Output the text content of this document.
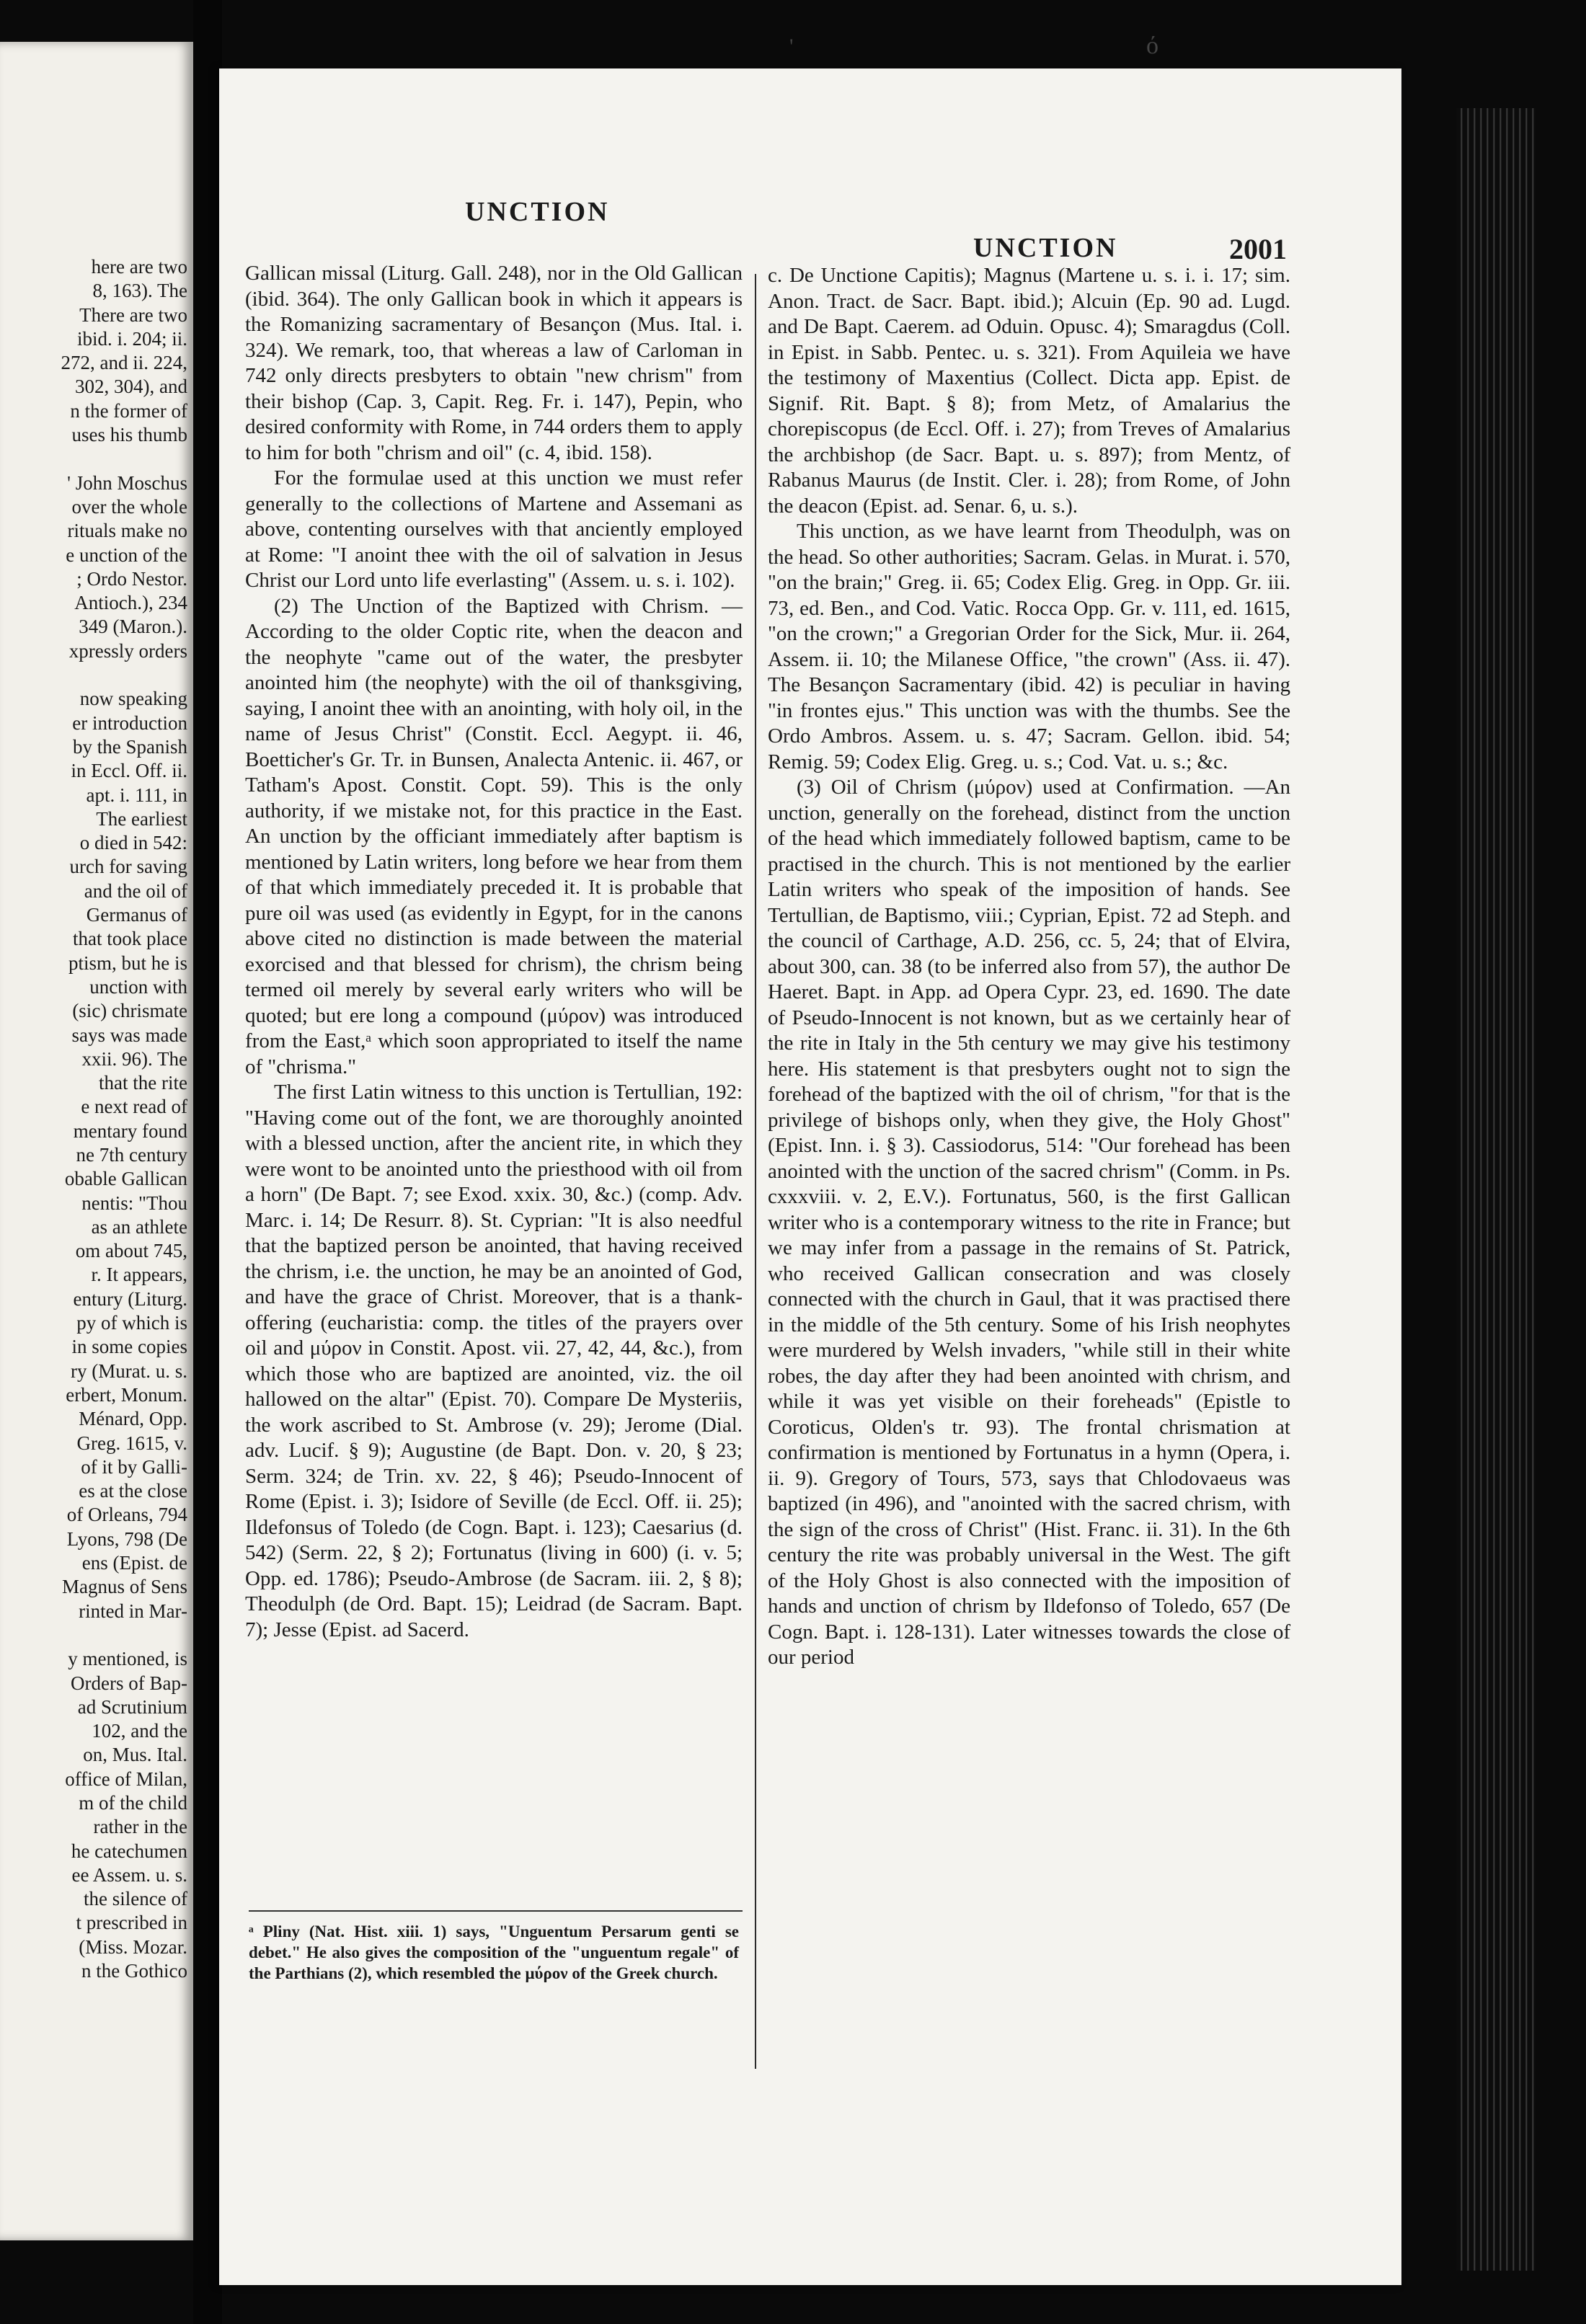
here are two
8, 163). The
There are two
ibid. i. 204; ii.
272, and ii. 224,
302, 304), and
n the former of
uses his thumb
' John Moschus
over the whole
rituals make no
e unction of the
; Ordo Nestor.
Antioch.), 234
349 (Maron.).
xpressly orders
now speaking
er introduction
by the Spanish
in Eccl. Off. ii.
apt. i. 111, in
The earliest
o died in 542:
urch for saving
and the oil of
Germanus of
that took place
ptism, but he is
unction with
(sic) chrismate
says was made
xxii. 96). The
that the rite
e next read of
mentary found
ne 7th century
obable Gallican
nentis: "Thou
as an athlete
om about 745,
r. It appears,
entury (Liturg.
py of which is
in some copies
ry (Murat. u. s.
erbert, Monum.
Ménard, Opp.
Greg. 1615, v.
of it by Galli-
es at the close
of Orleans, 794
Lyons, 798 (De
ens (Epist. de
Magnus of Sens
rinted in Mar-
y mentioned, is
Orders of Bap-
ad Scrutinium
102, and the
on, Mus. Ital.
office of Milan,
m of the child
rather in the
he catechumen
ee Assem. u. s.
the silence of
t prescribed in
(Miss. Mozar.
n the Gothico
'	ό
UNCTION
UNCTION	2001

Gallican missal (Liturg. Gall. 248), nor in the Old Gallican (ibid. 364). The only Gallican book in which it appears is the Romanizing sacramentary of Besançon (Mus. Ital. i. 324). We remark, too, that whereas a law of Carloman in 742 only directs presbyters to obtain "new chrism" from their bishop (Cap. 3, Capit. Reg. Fr. i. 147), Pepin, who desired conformity with Rome, in 744 orders them to apply to him for both "chrism and oil" (c. 4, ibid. 158).

For the formulae used at this unction we must refer generally to the collections of Martene and Assemani as above, contenting ourselves with that anciently employed at Rome: "I anoint thee with the oil of salvation in Jesus Christ our Lord unto life everlasting" (Assem. u. s. i. 102).

(2) The Unction of the Baptized with Chrism. —According to the older Coptic rite, when the deacon and the neophyte "came out of the water, the presbyter anointed him (the neophyte) with the oil of thanksgiving, saying, I anoint thee with an anointing, with holy oil, in the name of Jesus Christ" (Constit. Eccl. Aegypt. ii. 46, Boetticher's Gr. Tr. in Bunsen, Analecta Antenic. ii. 467, or Tatham's Apost. Constit. Copt. 59). This is the only authority, if we mistake not, for this practice in the East. An unction by the officiant immediately after baptism is mentioned by Latin writers, long before we hear from them of that which immediately preceded it. It is probable that pure oil was used (as evidently in Egypt, for in the canons above cited no distinction is made between the material exorcised and that blessed for chrism), the chrism being termed oil merely by several early writers who will be quoted; but ere long a compound (μύρον) was introduced from the East,ᵃ which soon appropriated to itself the name of "chrisma."

The first Latin witness to this unction is Tertullian, 192: "Having come out of the font, we are thoroughly anointed with a blessed unction, after the ancient rite, in which they were wont to be anointed unto the priesthood with oil from a horn" (De Bapt. 7; see Exod. xxix. 30, &c.) (comp. Adv. Marc. i. 14; De Resurr. 8). St. Cyprian: "It is also needful that the baptized person be anointed, that having received the chrism, i.e. the unction, he may be an anointed of God, and have the grace of Christ. Moreover, that is a thank-offering (eucharistia: comp. the titles of the prayers over oil and μύρον in Constit. Apost. vii. 27, 42, 44, &c.), from which those who are baptized are anointed, viz. the oil hallowed on the altar" (Epist. 70). Compare De Mysteriis, the work ascribed to St. Ambrose (v. 29); Jerome (Dial. adv. Lucif. § 9); Augustine (de Bapt. Don. v. 20, § 23; Serm. 324; de Trin. xv. 22, § 46); Pseudo-Innocent of Rome (Epist. i. 3); Isidore of Seville (de Eccl. Off. ii. 25); Ildefonsus of Toledo (de Cogn. Bapt. i. 123); Caesarius (d. 542) (Serm. 22, § 2); Fortunatus (living in 600) (i. v. 5; Opp. ed. 1786); Pseudo-Ambrose (de Sacram. iii. 2, § 8); Theodulph (de Ord. Bapt. 15); Leidrad (de Sacram. Bapt. 7); Jesse (Epist. ad Sacerd.

c. De Unctione Capitis); Magnus (Martene u. s. i. i. 17; sim. Anon. Tract. de Sacr. Bapt. ibid.); Alcuin (Ep. 90 ad. Lugd. and De Bapt. Caerem. ad Oduin. Opusc. 4); Smaragdus (Coll. in Epist. in Sabb. Pentec. u. s. 321). From Aquileia we have the testimony of Maxentius (Collect. Dicta app. Epist. de Signif. Rit. Bapt. § 8); from Metz, of Amalarius the chorepiscopus (de Eccl. Off. i. 27); from Treves of Amalarius the archbishop (de Sacr. Bapt. u. s. 897); from Mentz, of Rabanus Maurus (de Instit. Cler. i. 28); from Rome, of John the deacon (Epist. ad. Senar. 6, u. s.).

This unction, as we have learnt from Theodulph, was on the head. So other authorities; Sacram. Gelas. in Murat. i. 570, "on the brain;" Greg. ii. 65; Codex Elig. Greg. in Opp. Gr. iii. 73, ed. Ben., and Cod. Vatic. Rocca Opp. Gr. v. 111, ed. 1615, "on the crown;" a Gregorian Order for the Sick, Mur. ii. 264, Assem. ii. 10; the Milanese Office, "the crown" (Ass. ii. 47). The Besançon Sacramentary (ibid. 42) is peculiar in having "in frontes ejus." This unction was with the thumbs. See the Ordo Ambros. Assem. u. s. 47; Sacram. Gellon. ibid. 54; Remig. 59; Codex Elig. Greg. u. s.; Cod. Vat. u. s.; &c.

(3) Oil of Chrism (μύρον) used at Confirmation. —An unction, generally on the forehead, distinct from the unction of the head which immediately followed baptism, came to be practised in the church. This is not mentioned by the earlier Latin writers who speak of the imposition of hands. See Tertullian, de Baptismo, viii.; Cyprian, Epist. 72 ad Steph. and the council of Carthage, A.D. 256, cc. 5, 24; that of Elvira, about 300, can. 38 (to be inferred also from 57), the author De Haeret. Bapt. in App. ad Opera Cypr. 23, ed. 1690. The date of Pseudo-Innocent is not known, but as we certainly hear of the rite in Italy in the 5th century we may give his testimony here. His statement is that presbyters ought not to sign the forehead of the baptized with the oil of chrism, "for that is the privilege of bishops only, when they give, the Holy Ghost" (Epist. Inn. i. § 3). Cassiodorus, 514: "Our forehead has been anointed with the unction of the sacred chrism" (Comm. in Ps. cxxxviii. v. 2, E.V.). Fortunatus, 560, is the first Gallican writer who is a contemporary witness to the rite in France; but we may infer from a passage in the remains of St. Patrick, who received Gallican consecration and was closely connected with the church in Gaul, that it was practised there in the middle of the 5th century. Some of his Irish neophytes were murdered by Welsh invaders, "while still in their white robes, the day after they had been anointed with chrism, and while it was yet visible on their foreheads" (Epistle to Coroticus, Olden's tr. 93). The frontal chrismation at confirmation is mentioned by Fortunatus in a hymn (Opera, i. ii. 9). Gregory of Tours, 573, says that Chlodovaeus was baptized (in 496), and "anointed with the sacred chrism, with the sign of the cross of Christ" (Hist. Franc. ii. 31). In the 6th century the rite was probably universal in the West. The gift of the Holy Ghost is also connected with the imposition of hands and unction of chrism by Ildefonso of Toledo, 657 (De Cogn. Bapt. i. 128-131). Later witnesses towards the close of our period

ᵃ Pliny (Nat. Hist. xiii. 1) says, "Unguentum Persarum genti se debet." He also gives the composition of the "unguentum regale" of the Parthians (2), which resembled the μύρον of the Greek church.
